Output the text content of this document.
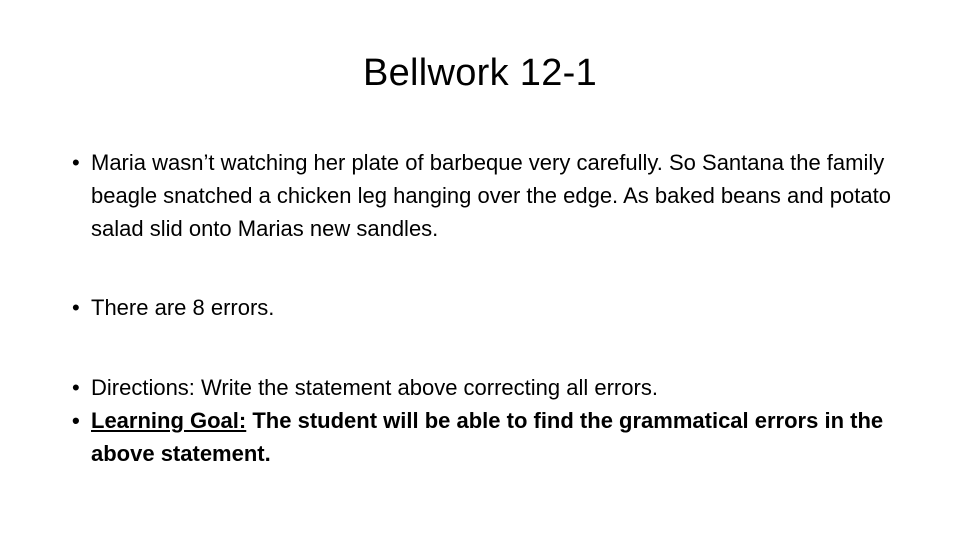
Bellwork 12-1
• Maria wasn’t watching her plate of barbeque very carefully. So Santana the family beagle snatched a chicken leg hanging over the edge. As baked beans and potato salad slid onto Marias new sandles.
• There are 8 errors.
• Directions: Write the statement above correcting all errors.
• Learning Goal: The student will be able to find the grammatical errors in the above statement.
